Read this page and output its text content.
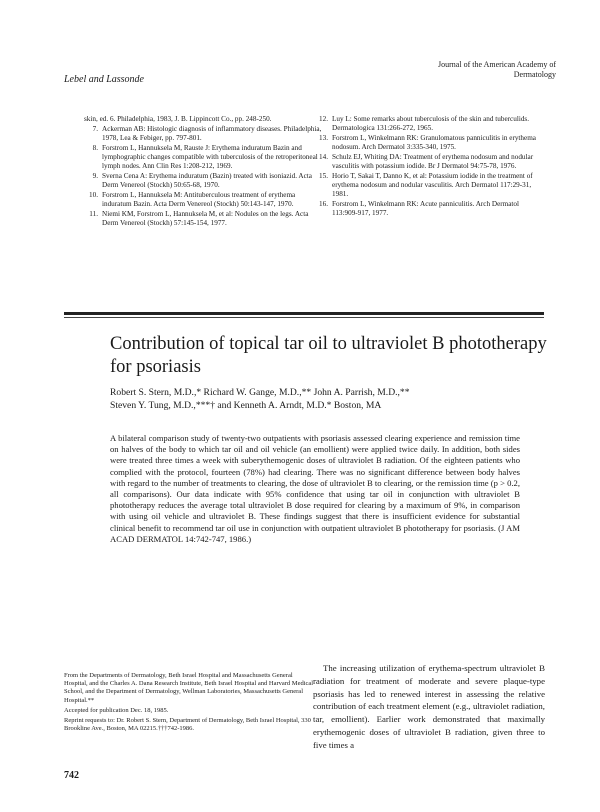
Lebel and Lassonde
Journal of the American Academy of Dermatology
skin, ed. 6. Philadelphia, 1983, J. B. Lippincott Co., pp. 248-250.
7. Ackerman AB: Histologic diagnosis of inflammatory diseases. Philadelphia, 1978, Lea & Febiger, pp. 797-801.
8. Forstrom L, Hannuksela M, Rauste J: Erythema induratum Bazin and lymphographic changes compatible with tuberculosis of the retroperitoneal lymph nodes. Ann Clin Res 1:208-212, 1969.
9. Sverna Cena A: Erythema induratum (Bazin) treated with isoniazid. Acta Derm Venereol (Stockh) 50:65-68, 1970.
10. Forstrom L, Hannuksela M: Antituberculous treatment of erythema induratum Bazin. Acta Derm Venereol (Stockh) 50:143-147, 1970.
11. Niemi KM, Forstrom L, Hannuksela M, et al: Nodules on the legs. Acta Derm Venereol (Stockh) 57:145-154, 1977.
12. Luy L: Some remarks about tuberculosis of the skin and tuberculids. Dermatologica 131:266-272, 1965.
13. Forstrom L, Winkelmann RK: Granulomatous panniculitis in erythema nodosum. Arch Dermatol 3:335-340, 1975.
14. Schulz EJ, Whiting DA: Treatment of erythema nodosum and nodular vasculitis with potassium iodide. Br J Dermatol 94:75-78, 1976.
15. Horio T, Sakai T, Danno K, et al: Potassium iodide in the treatment of erythema nodosum and nodular vasculitis. Arch Dermatol 117:29-31, 1981.
16. Forstrom L, Winkelmann RK: Acute panniculitis. Arch Dermatol 113:909-917, 1977.
Contribution of topical tar oil to ultraviolet B phototherapy for psoriasis
Robert S. Stern, M.D.,* Richard W. Gange, M.D.,** John A. Parrish, M.D.,**
Steven Y. Tung, M.D.,***† and Kenneth A. Arndt, M.D.* Boston, MA
A bilateral comparison study of twenty-two outpatients with psoriasis assessed clearing experience and remission time on halves of the body to which tar oil and oil vehicle (an emollient) were applied twice daily. In addition, both sides were treated three times a week with suberythemogenic doses of ultraviolet B radiation. Of the eighteen patients who complied with the protocol, fourteen (78%) had clearing. There was no significant difference between body halves with regard to the number of treatments to clearing, the dose of ultraviolet B to clearing, or the remission time (p > 0.2, all comparisons). Our data indicate with 95% confidence that using tar oil in conjunction with ultraviolet B phototherapy reduces the average total ultraviolet B dose required for clearing by a maximum of 9%, in comparison with using oil vehicle and ultraviolet B. These findings suggest that there is insufficient evidence for substantial clinical benefit to recommend tar oil use in conjunction with outpatient ultraviolet B phototherapy for psoriasis. (J AM ACAD DERMATOL 14:742-747, 1986.)

From the Departments of Dermatology, Beth Israel Hospital and Massachusetts General Hospital, and the Charles A. Dana Research Institute, Beth Israel Hospital and Harvard Medical School, and the Department of Dermatology, Wellman Laboratories, Massachusetts General Hospital.**

Accepted for publication Dec. 18, 1985.

Reprint requests to: Dr. Robert S. Stern, Department of Dermatology, Beth Israel Hospital, 330 Brookline Ave., Boston, MA 02215.†††742-1986.

The increasing utilization of erythema-spectrum ultraviolet B radiation for treatment of moderate and severe plaque-type psoriasis has led to renewed interest in assessing the relative contribution of each treatment element (e.g., ultraviolet radiation, tar, emollient). Earlier work demonstrated that maximally erythemogenic doses of ultraviolet B radiation, given three to five times a
742
